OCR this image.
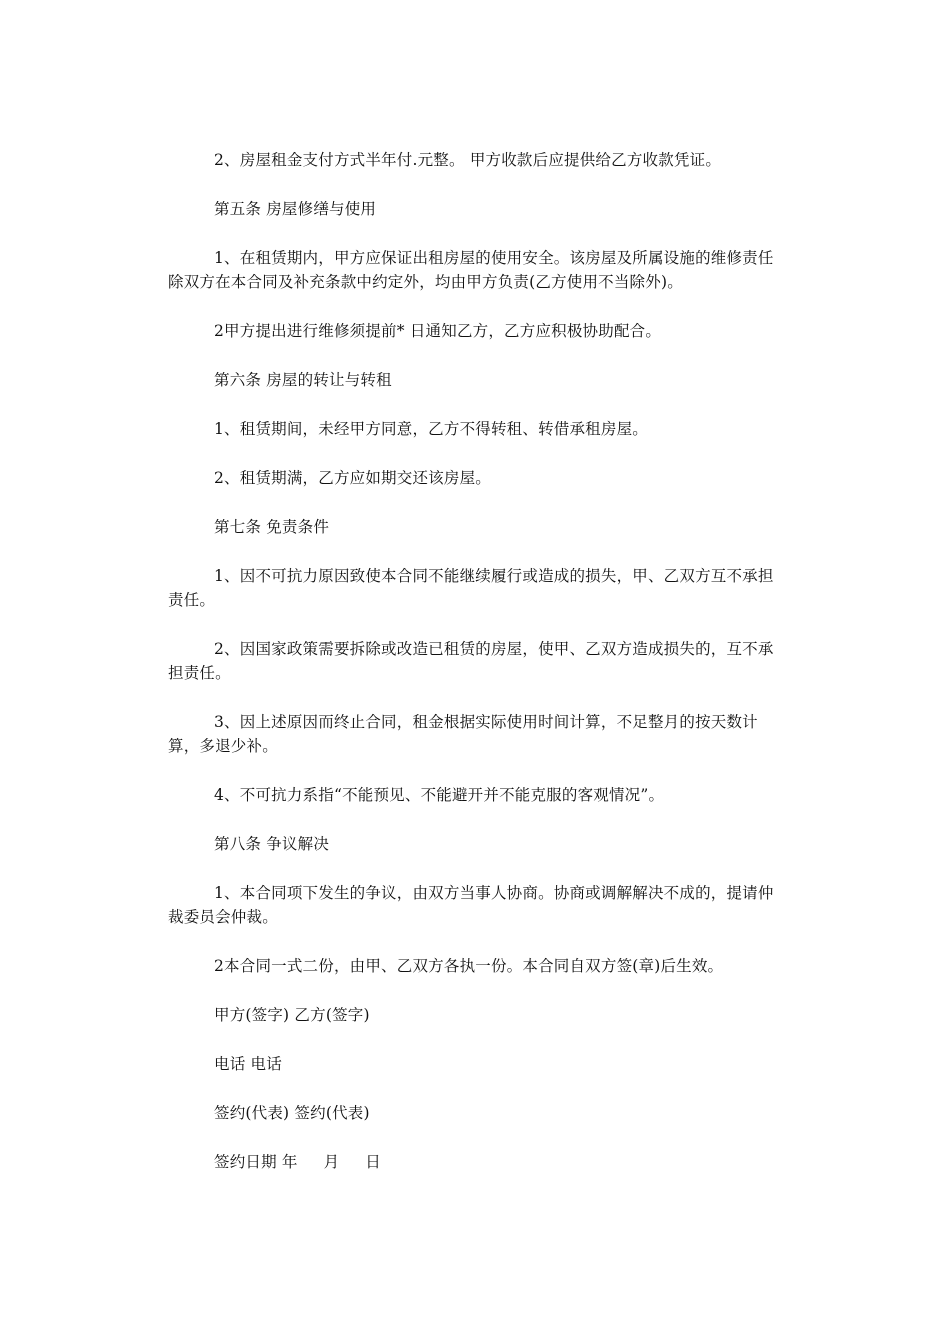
2、房屋租金支付方式半年付.元整。 甲方收款后应提供给乙方收款凭证。

第五条 房屋修缮与使用

1、在租赁期内，甲方应保证出租房屋的使用安全。该房屋及所属设施的维修责任除双方在本合同及补充条款中约定外，均由甲方负责(乙方使用不当除外)。

2甲方提出进行维修须提前* 日通知乙方，乙方应积极协助配合。

第六条 房屋的转让与转租

1、租赁期间，未经甲方同意，乙方不得转租、转借承租房屋。

2、租赁期满，乙方应如期交还该房屋。

第七条 免责条件

1、因不可抗力原因致使本合同不能继续履行或造成的损失，甲、乙双方互不承担责任。

2、因国家政策需要拆除或改造已租赁的房屋，使甲、乙双方造成损失的，互不承担责任。

3、因上述原因而终止合同，租金根据实际使用时间计算，不足整月的按天数计算，多退少补。

4、不可抗力系指“不能预见、不能避开并不能克服的客观情况”。

第八条 争议解决

1、本合同项下发生的争议，由双方当事人协商。协商或调解解决不成的，提请仲裁委员会仲裁。

2本合同一式二份，由甲、乙双方各执一份。本合同自双方签(章)后生效。

甲方(签字) 乙方(签字)

电话 电话

签约(代表) 签约(代表)

签约日期 年　  月　  日
